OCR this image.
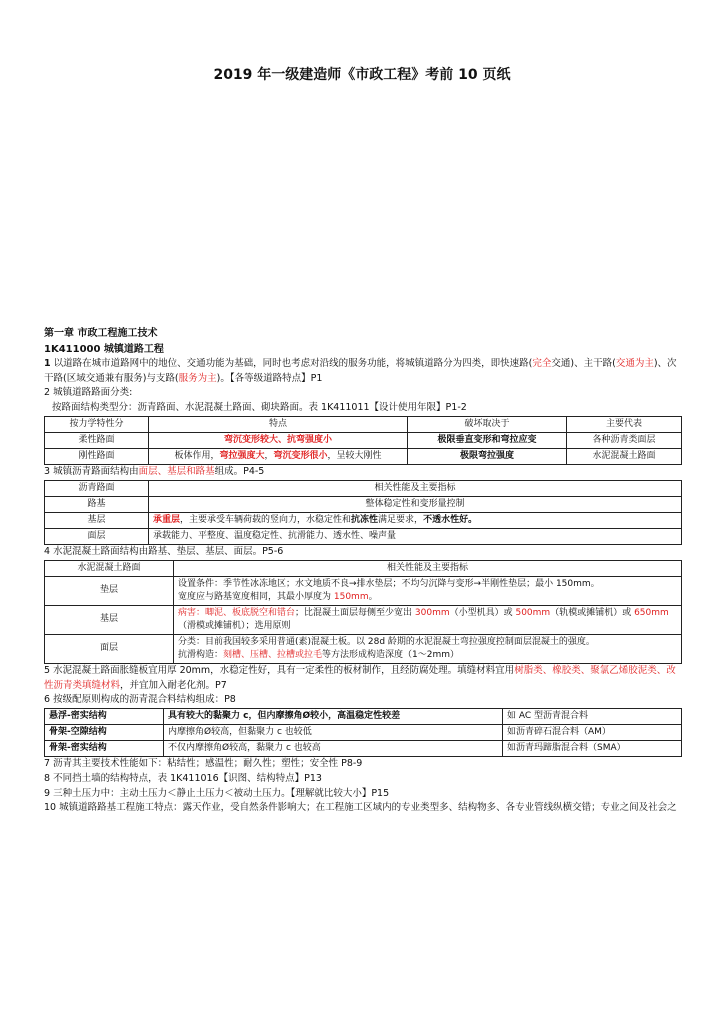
2019 年一级建造师《市政工程》考前 10 页纸
第一章 市政工程施工技术
1K411000 城镇道路工程

1 以道路在城市道路网中的地位、交通功能为基础，同时也考虑对沿线的服务功能，将城镇道路分为四类，即快速路(完全交通)、主干路(交通为主)、次干路(区域交通兼有服务)与支路(服务为主)。【各等级道路特点】P1

2 城镇道路路面分类:

按路面结构类型分：沥青路面、水泥混凝土路面、砌块路面。表 1K411011【设计使用年限】P1-2

按力学特性分	特点	破坏取决于	主要代表
柔性路面	弯沉变形较大、抗弯强度小	极限垂直变形和弯拉应变	各种沥青类面层
刚性路面	板体作用，弯拉强度大，弯沉变形很小，呈较大刚性	极限弯拉强度	水泥混凝土路面

3 城镇沥青路面结构由面层、基层和路基组成。P4-5

沥青路面	相关性能及主要指标
路基	整体稳定性和变形量控制
基层	承重层，主要承受车辆荷载的竖向力，水稳定性和抗冻性满足要求，不透水性好。
面层	承载能力、平整度、温度稳定性、抗滑能力、透水性、噪声量

4 水泥混凝土路面结构由路基、垫层、基层、面层。P5-6

水泥混凝土路面	相关性能及主要指标
垫层	设置条件：季节性冰冻地区；水文地质不良→排水垫层；不均匀沉降与变形→半刚性垫层；最小 150mm。
宽度应与路基宽度相同，其最小厚度为 150mm。

基层	病害：唧泥、板底脱空和错台；比混凝土面层每侧至少宽出 300mm（小型机具）或 500mm（轨模或摊铺机）或 650mm（滑模或摊铺机）；选用原则
面层	分类：目前我国较多采用普通(素)混凝土板。以 28d 龄期的水泥混凝土弯拉强度控制面层混凝土的强度。
抗滑构造：刻槽、压槽、拉槽或拉毛等方法形成构造深度（1～2mm）

5 水泥混凝土路面胀缝板宜用厚 20mm，水稳定性好，具有一定柔性的板材制作，且经防腐处理。填缝材料宜用树脂类、橡胶类、聚氯乙烯胶泥类、改性沥青类填缝材料，并宜加入耐老化剂。P7

6 按级配原则构成的沥青混合料结构组成：P8

悬浮-密实结构	具有较大的黏聚力 c，但内摩擦角Ø较小，高温稳定性较差	如 AC 型沥青混合料
骨架-空隙结构	内摩擦角Ø较高，但黏聚力 c 也较低	如沥青碎石混合料（AM）
骨架-密实结构	不仅内摩擦角Ø较高，黏聚力 c 也较高	如沥青玛蹄脂混合料（SMA）

7 沥青其主要技术性能如下：粘结性；感温性；耐久性；塑性；安全性 P8-9

8 不同挡土墙的结构特点，表 1K411016【识图、结构特点】P13

9 三种土压力中：主动土压力＜静止土压力＜被动土压力。【理解就比较大小】P15

10 城镇道路路基工程施工特点：露天作业，受自然条件影响大；在工程施工区域内的专业类型多、结构物多、各专业管线纵横交错；专业之间及社会之
